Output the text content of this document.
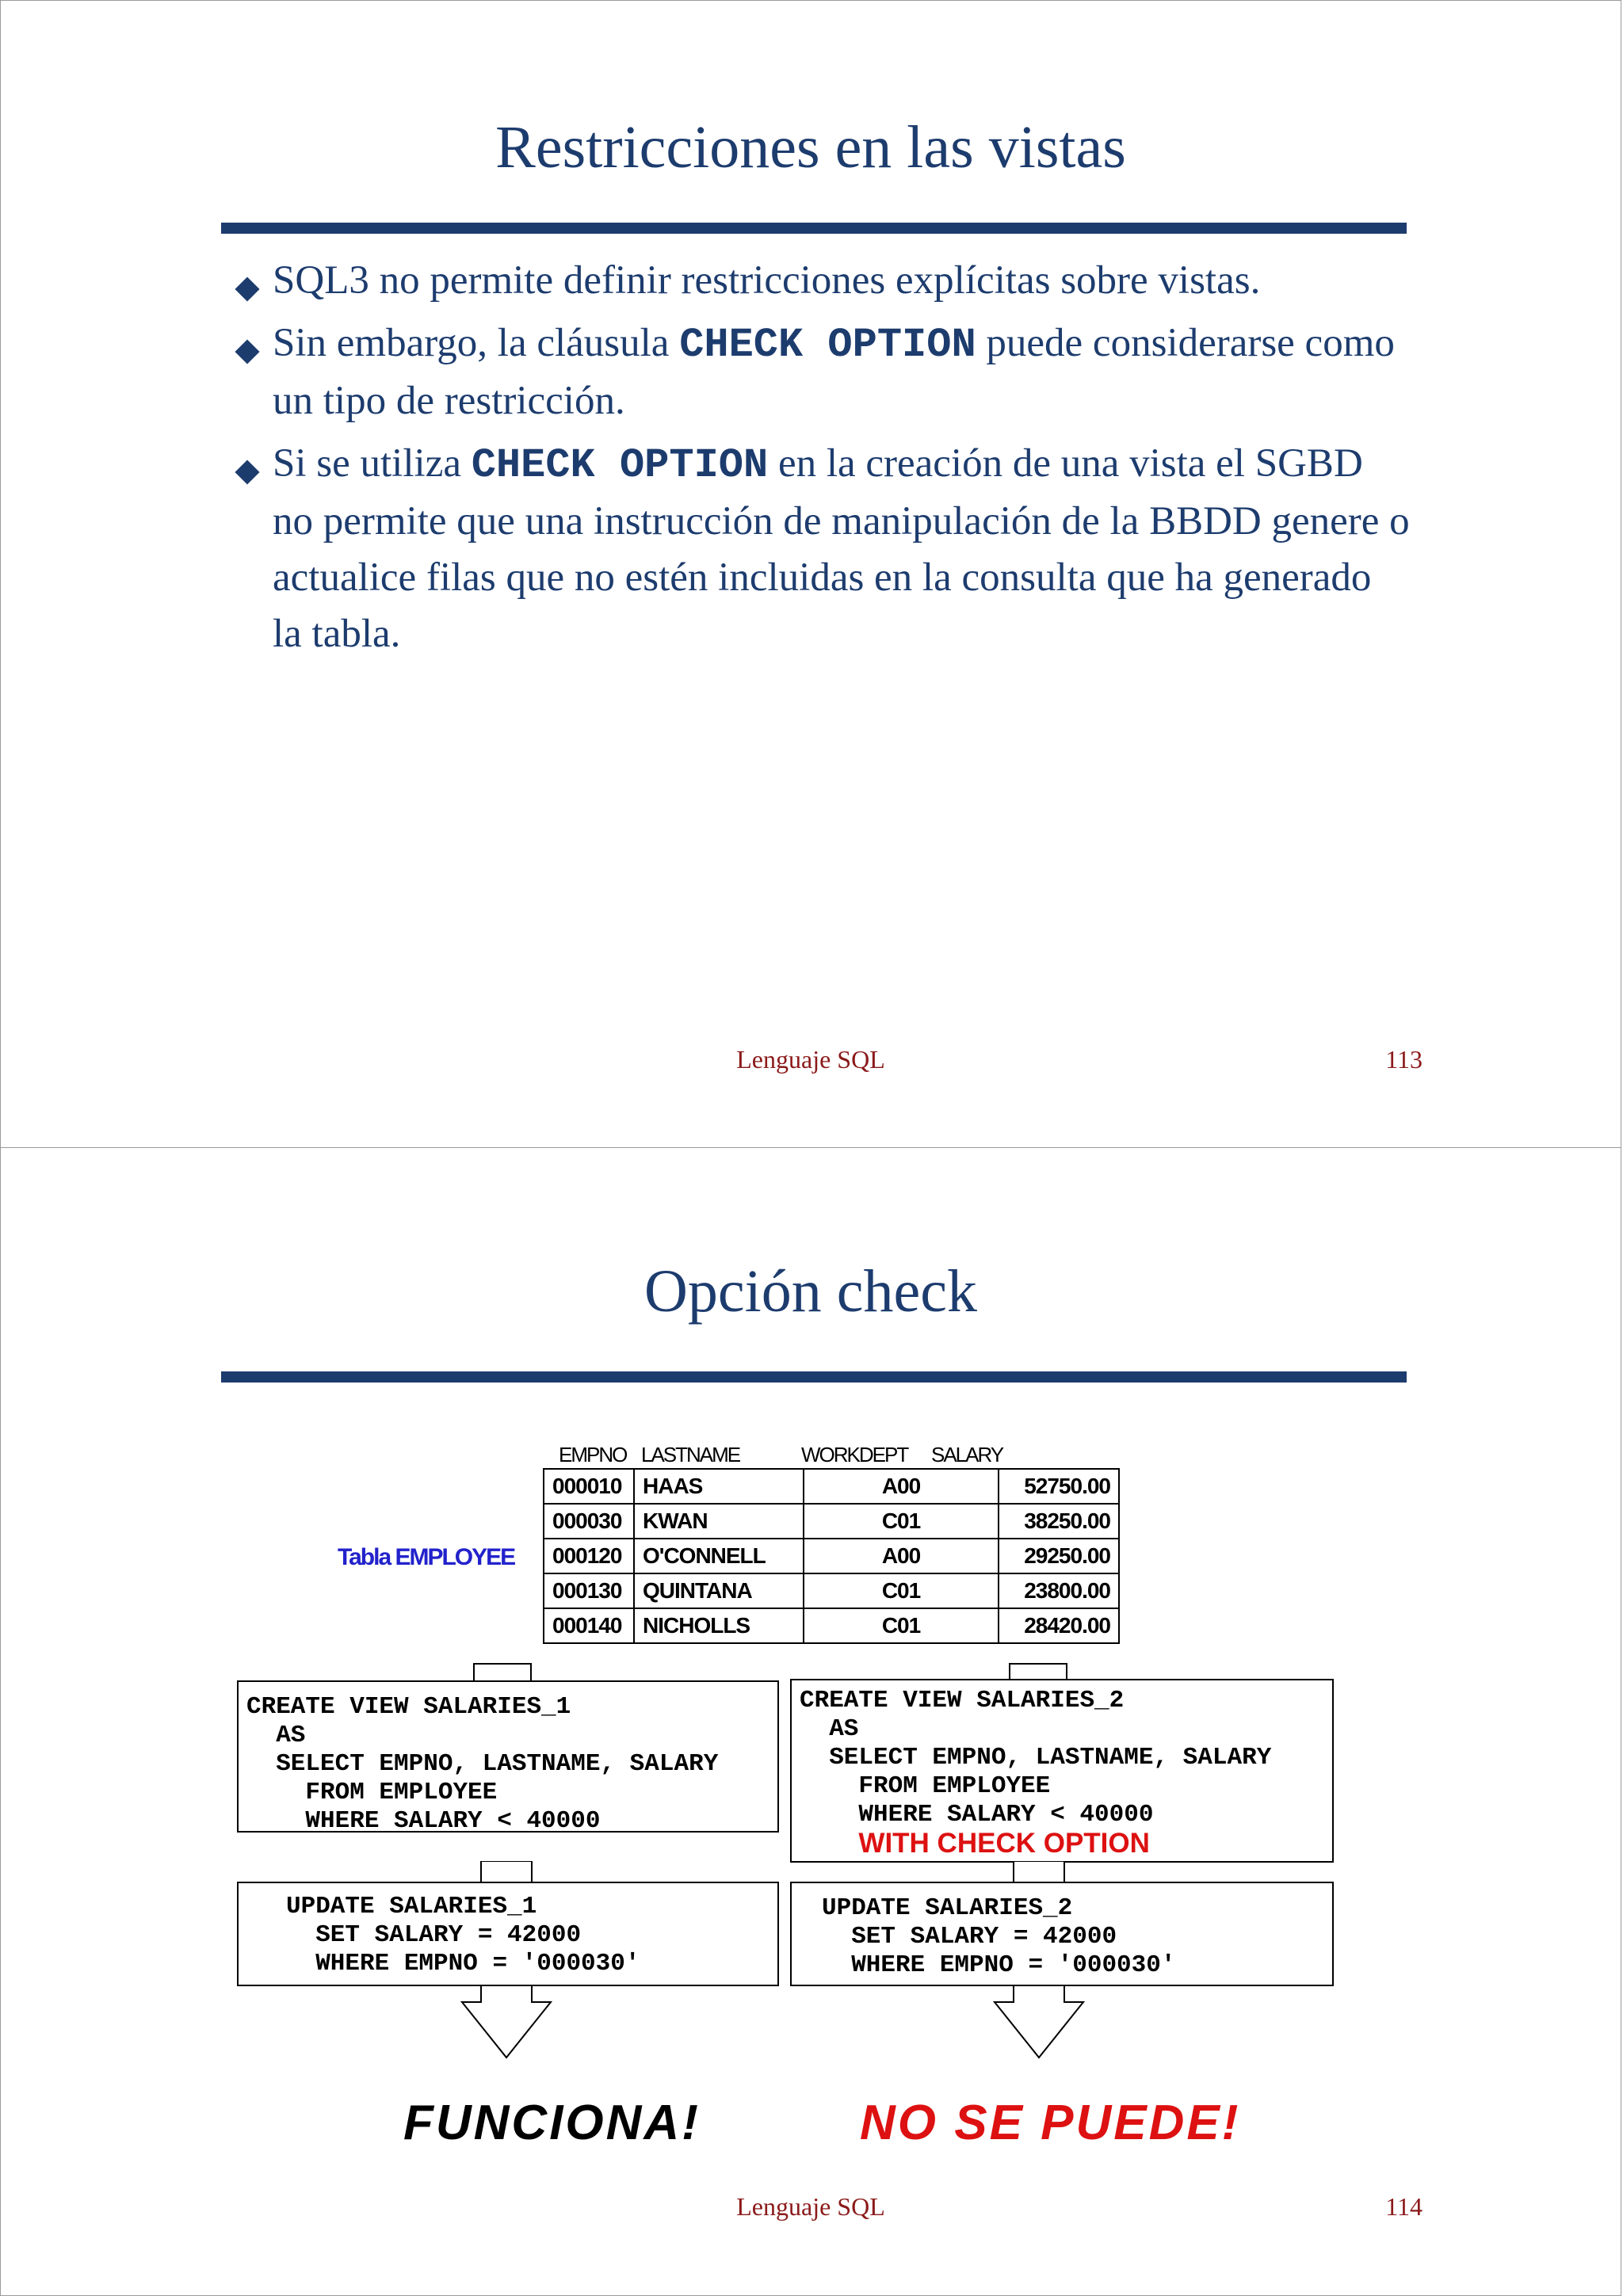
Restricciones en las vistas
SQL3 no permite definir restricciones explícitas sobre vistas.
Sin embargo, la cláusula CHECK OPTION puede considerarse como un tipo de restricción.
Si se utiliza CHECK OPTION en la creación de una vista el SGBD no permite que una instrucción de manipulación de la BBDD genere o actualice filas que no estén incluidas en la consulta que ha generado la tabla.
Lenguaje SQL	113
Opción check
EMPNO LASTNAME	WORKDEPT SALARY
Tabla EMPLOYEE
000010	HAAS	A00	52750.00
000030	KWAN	C01	38250.00
000120	O'CONNELL	A00	29250.00
000130	QUINTANA	C01	23800.00
000140	NICHOLLS	C01	28420.00
CREATE VIEW SALARIES_1
AS
SELECT EMPNO, LASTNAME, SALARY
FROM EMPLOYEE
WHERE SALARY < 40000
CREATE VIEW SALARIES_2
AS
SELECT EMPNO, LASTNAME, SALARY
FROM EMPLOYEE
WHERE SALARY < 40000
WITH CHECK OPTION
UPDATE SALARIES_1
SET SALARY = 42000
WHERE EMPNO = '000030'
UPDATE SALARIES_2
SET SALARY = 42000
WHERE EMPNO = '000030'
FUNCIONA!	NO SE PUEDE!
Lenguaje SQL	114
